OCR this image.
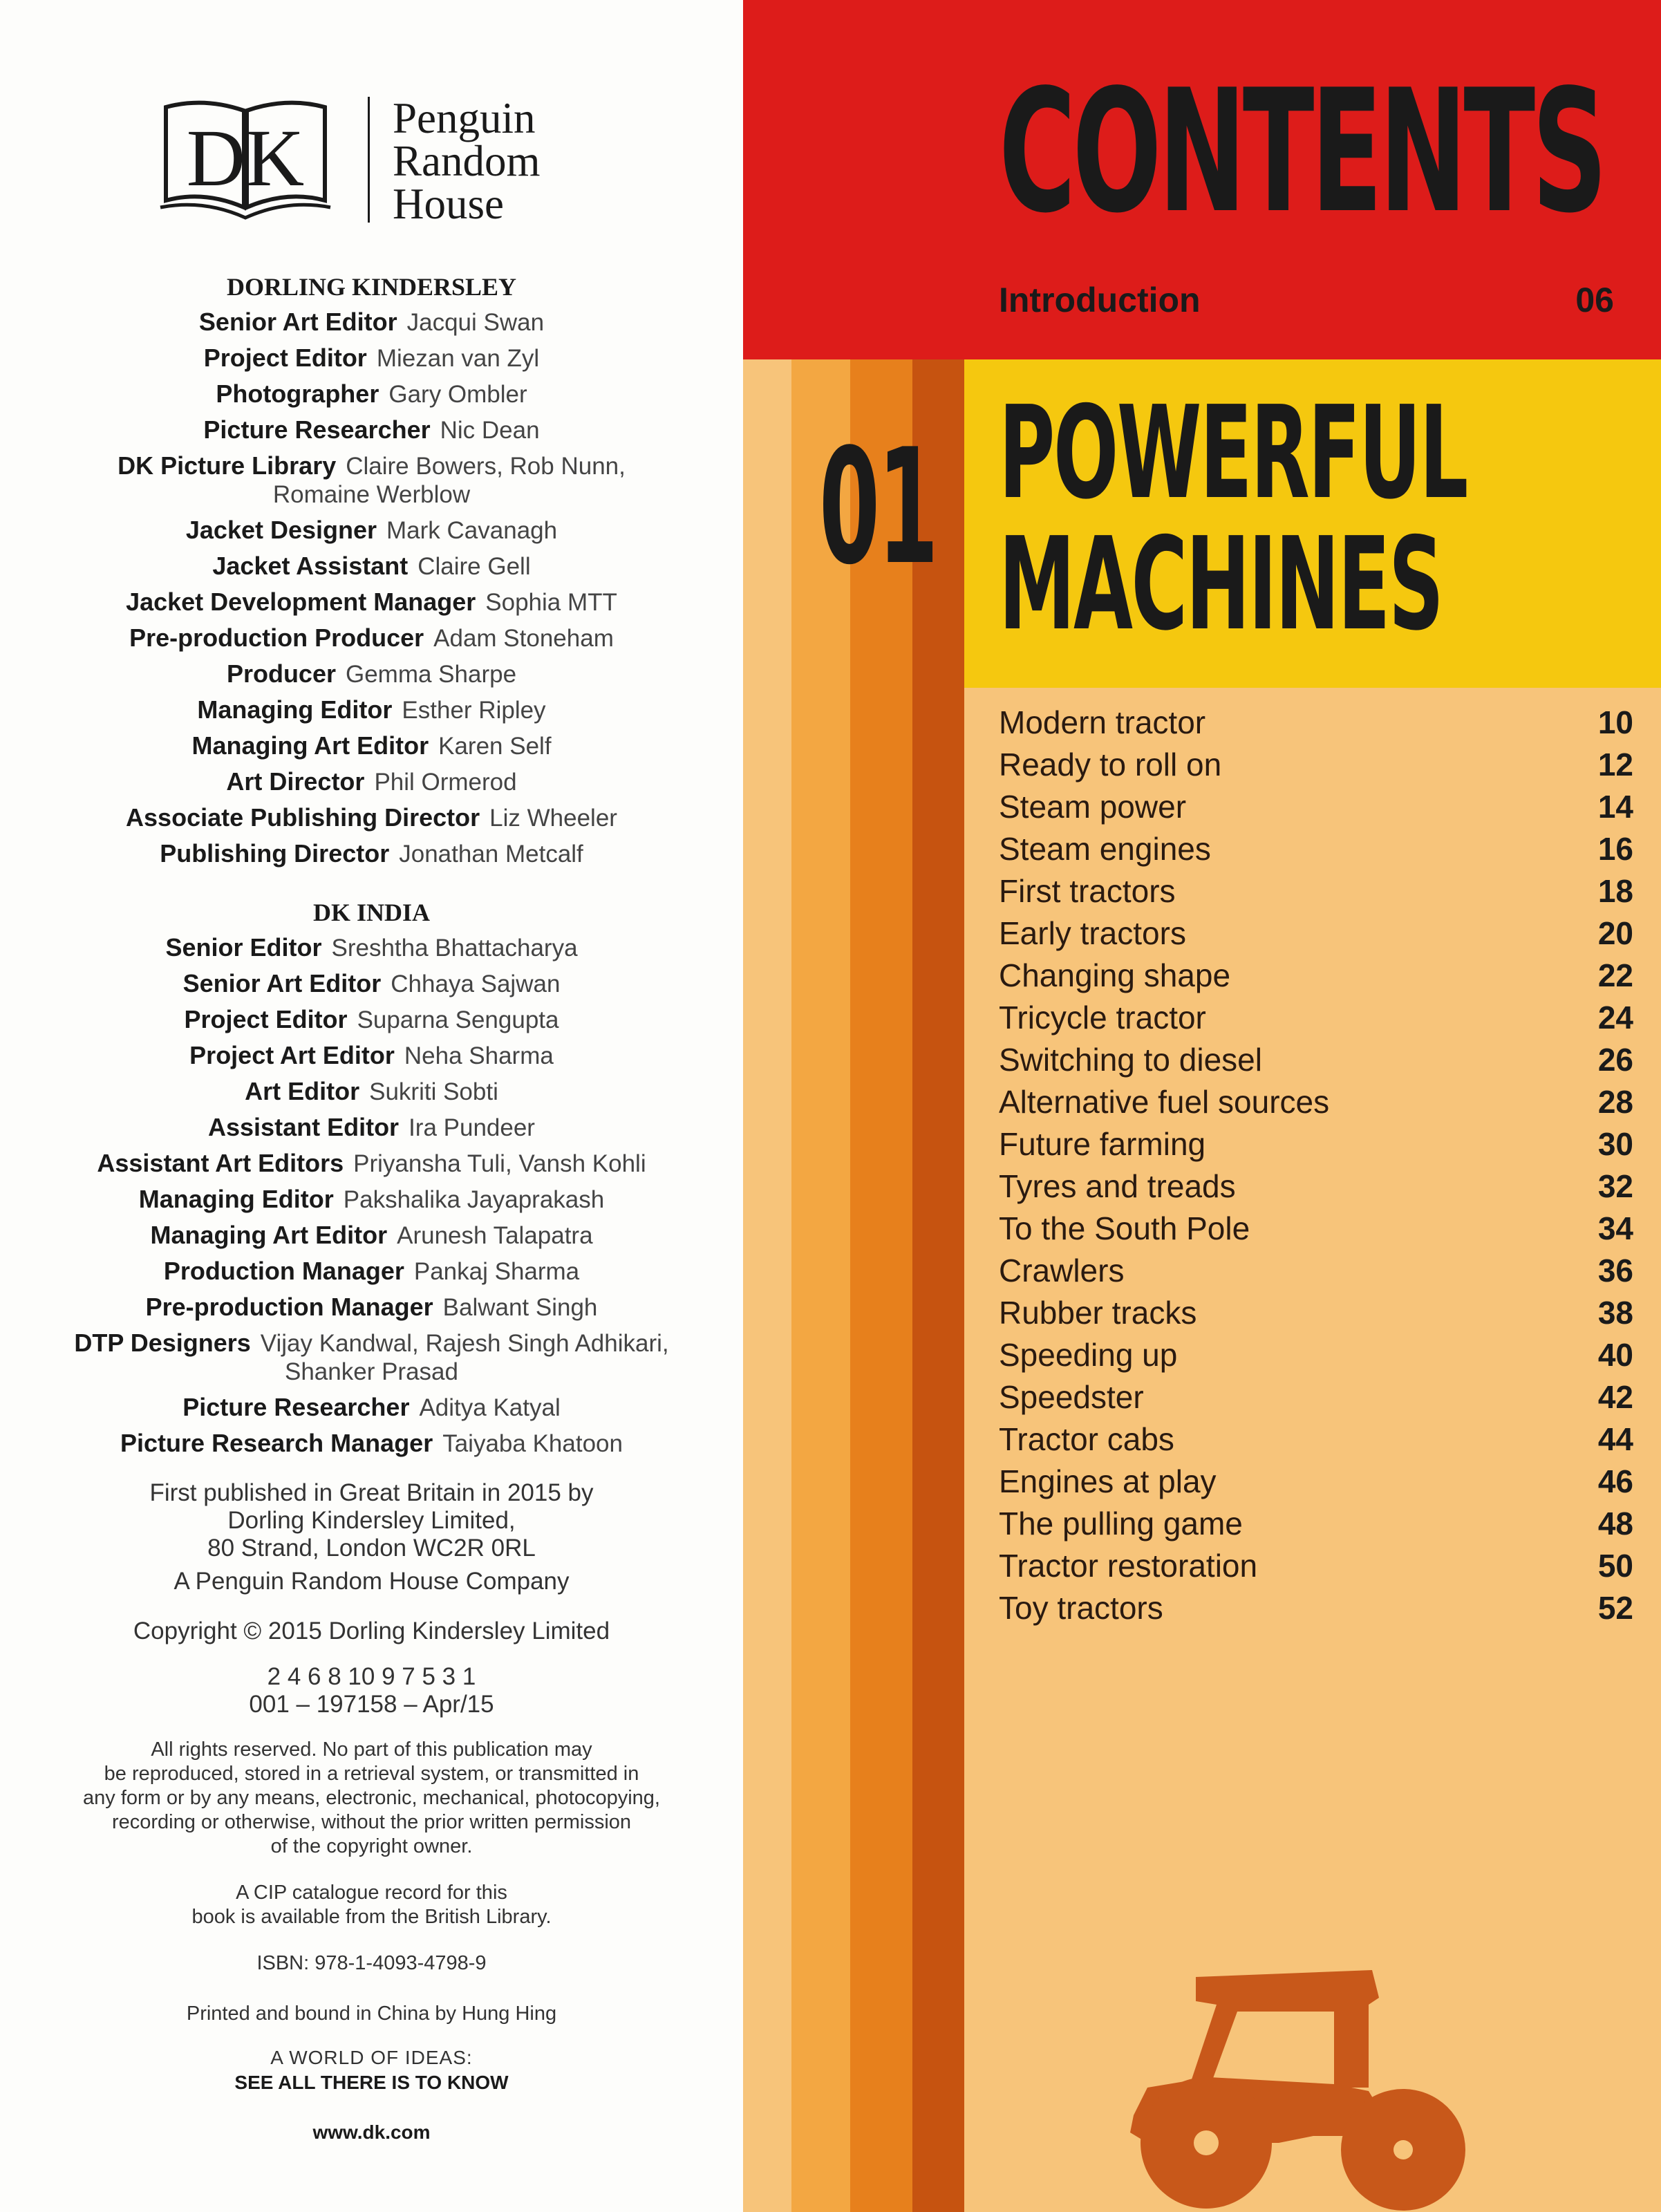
DK Penguin
Random
House
DORLING KINDERSLEY
Senior Art Editor Jacqui Swan
Project Editor Miezan van Zyl
Photographer Gary Ombler
Picture Researcher Nic Dean
DK Picture Library Claire Bowers, Rob Nunn,
Romaine Werblow
Jacket Designer Mark Cavanagh
Jacket Assistant Claire Gell
Jacket Development Manager Sophia MTT
Pre-production Producer Adam Stoneham
Producer Gemma Sharpe
Managing Editor Esther Ripley
Managing Art Editor Karen Self
Art Director Phil Ormerod
Associate Publishing Director Liz Wheeler
Publishing Director Jonathan Metcalf
DK INDIA
Senior Editor Sreshtha Bhattacharya
Senior Art Editor Chhaya Sajwan
Project Editor Suparna Sengupta
Project Art Editor Neha Sharma
Art Editor Sukriti Sobti
Assistant Editor Ira Pundeer
Assistant Art Editors Priyansha Tuli, Vansh Kohli
Managing Editor Pakshalika Jayaprakash
Managing Art Editor Arunesh Talapatra
Production Manager Pankaj Sharma
Pre-production Manager Balwant Singh
DTP Designers Vijay Kandwal, Rajesh Singh Adhikari,
Shanker Prasad
Picture Researcher Aditya Katyal
Picture Research Manager Taiyaba Khatoon
First published in Great Britain in 2015 by
Dorling Kindersley Limited,
80 Strand, London WC2R 0RL
A Penguin Random House Company
Copyright © 2015 Dorling Kindersley Limited
2 4 6 8 10 9 7 5 3 1
001 – 197158 – Apr/15
All rights reserved. No part of this publication may
be reproduced, stored in a retrieval system, or transmitted in
any form or by any means, electronic, mechanical, photocopying,
recording or otherwise, without the prior written permission
of the copyright owner.
A CIP catalogue record for this
book is available from the British Library.
ISBN: 978-1-4093-4798-9
Printed and bound in China by Hung Hing
A WORLD OF IDEAS:
SEE ALL THERE IS TO KNOW
www.dk.com
CONTENTS
Introduction	06
01 POWERFUL
MACHINES
Modern tractor	10
Ready to roll on	12
Steam power	14
Steam engines	16
First tractors	18
Early tractors	20
Changing shape	22
Tricycle tractor	24
Switching to diesel	26
Alternative fuel sources	28
Future farming	30
Tyres and treads	32
To the South Pole	34
Crawlers	36
Rubber tracks	38
Speeding up	40
Speedster	42
Tractor cabs	44
Engines at play	46
The pulling game	48
Tractor restoration	50
Toy tractors	52
